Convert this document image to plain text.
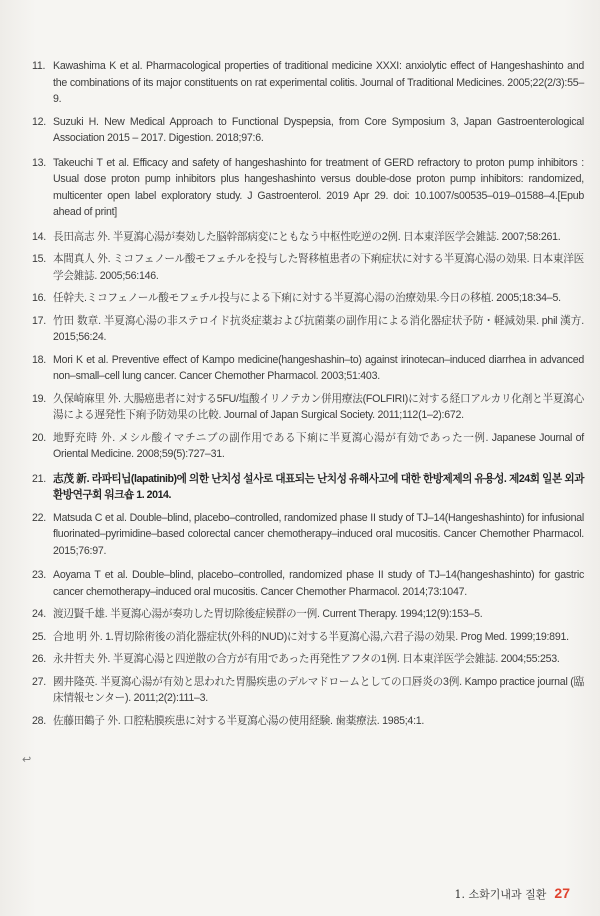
↩
11. Kawashima K et al. Pharmacological properties of traditional medicine XXXI: anxiolytic effect of Hangeshashinto and the combinations of its major constituents on rat experimental colitis. Journal of Traditional Medicines. 2005;22(2/3):55–9.
12. Suzuki H. New Medical Approach to Functional Dyspepsia, from Core Symposium 3, Japan Gastroenterological Association 2015 – 2017. Digestion. 2018;97:6.
13. Takeuchi T et al. Efficacy and safety of hangeshashinto for treatment of GERD refractory to proton pump inhibitors : Usual dose proton pump inhibitors plus hangeshashinto versus double-dose proton pump inhibitors: randomized, multicenter open label exploratory study. J Gastroenterol. 2019 Apr 29. doi: 10.1007/s00535–019–01588–4.[Epub ahead of print]
14. 長田高志 外. 半夏瀉心湯が奏効した脳幹部病変にともなう中枢性吃逆の2例. 日本東洋医学会雑誌. 2007;58:261.
15. 本間真人 外. ミコフェノール酸モフェチルを投与した腎移植患者の下痢症状に対する半夏瀉心湯の効果. 日本東洋医学会雑誌. 2005;56:146.
16. 任幹夫.ミコフェノール酸モフェチル投与による下痢に対する半夏瀉心湯の治療効果.今日の移植. 2005;18:34–5.
17. 竹田 数章. 半夏瀉心湯の非ステロイド抗炎症薬および抗菌薬の副作用による消化器症状予防・軽減効果. phil 漢方. 2015;56:24.
18. Mori K et al. Preventive effect of Kampo medicine(hangeshashin–to) against irinotecan–induced diarrhea in advanced non–small–cell lung cancer. Cancer Chemother Pharmacol. 2003;51:403.
19. 久保崎麻里 外. 大腸癌患者に対する5FU/塩酸イリノテカン併用療法(FOLFIRI)に対する経口アルカリ化剤と半夏瀉心湯による遅発性下痢予防効果の比較. Journal of Japan Surgical Society. 2011;112(1–2):672.
20. 地野充時 外. メシル酸イマチニブの副作用である下痢に半夏瀉心湯が有効であった一例. Japanese Journal of Oriental Medicine. 2008;59(5):727–31.
21. 志茂 新. 라파티닙(lapatinib)에 의한 난치성 설사로 대표되는 난치성 유해사고에 대한 한방제제의 유용성. 제24회 일본 외과환방연구회 워크숍 1. 2014.
22. Matsuda C et al. Double–blind, placebo–controlled, randomized phase II study of TJ–14(Hangeshashinto) for infusional fluorinated–pyrimidine–based colorectal cancer chemotherapy–induced oral mucositis. Cancer Chemother Pharmacol. 2015;76:97.
23. Aoyama T et al. Double–blind, placebo–controlled, randomized phase II study of TJ–14(hangeshashinto) for gastric cancer chemotherapy–induced oral mucositis. Cancer Chemother Pharmacol. 2014;73:1047.
24. 渡辺賢千雄. 半夏瀉心湯が奏功した胃切除後症候群の一例. Current Therapy. 1994;12(9):153–5.
25. 合地 明 外. 1.胃切除術後の消化器症状(外科的NUD)に対する半夏瀉心湯,六君子湯の効果. Prog Med. 1999;19:891.
26. 永井哲夫 外. 半夏瀉心湯と四逆散の合方が有用であった再発性アフタの1例. 日本東洋医学会雑誌. 2004;55:253.
27. 國井隆英. 半夏瀉心湯が有効と思われた胃腸疾患のデルマドロームとしての口唇炎の3例. Kampo practice journal (臨床情報センター). 2011;2(2):111–3.
28. 佐藤田鶴子 外. 口腔粘膜疾患に対する半夏瀉心湯の使用経験. 歯薬療法. 1985;4:1.
1. 소화기내과 질환 27
